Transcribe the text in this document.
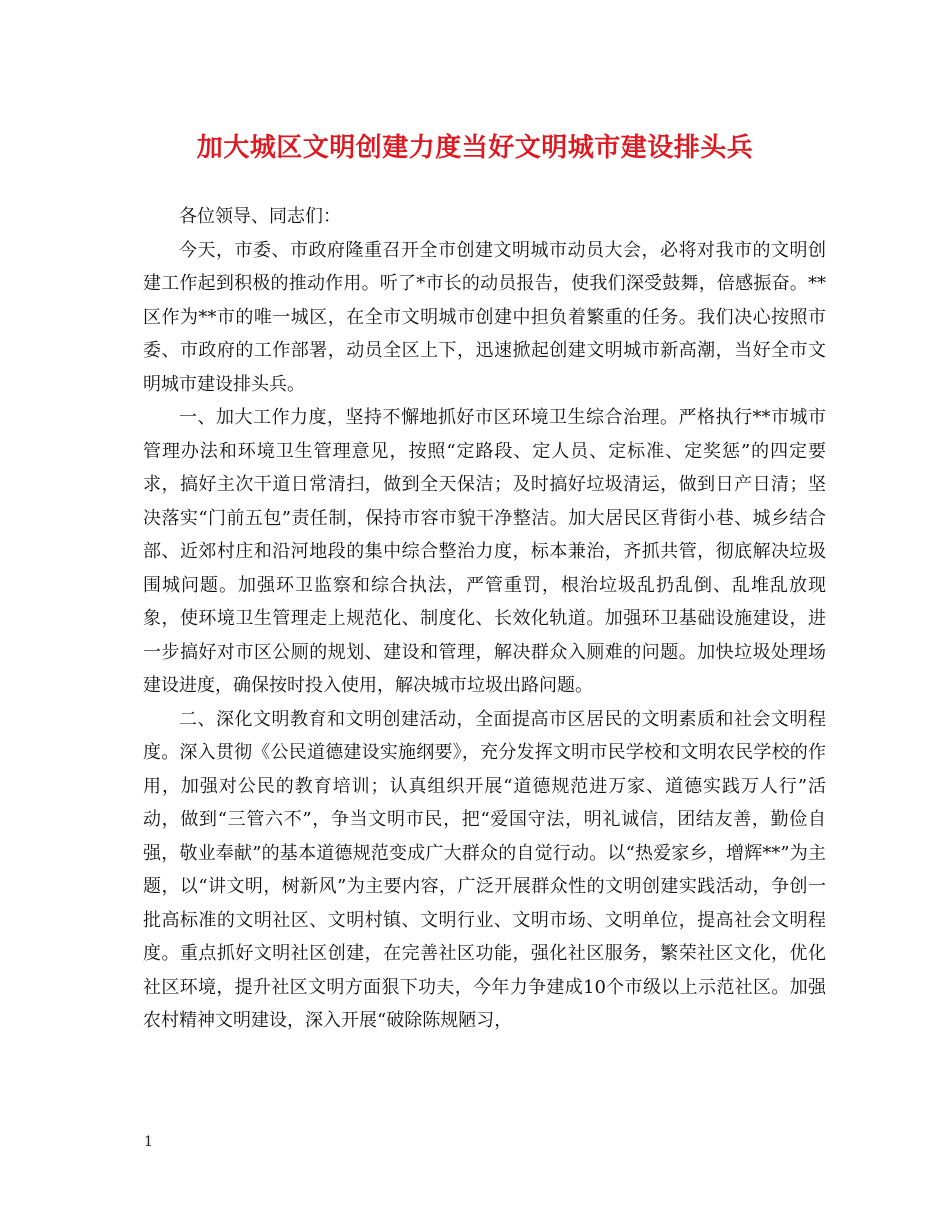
加大城区文明创建力度当好文明城市建设排头兵

各位领导、同志们：

今天，市委、市政府隆重召开全市创建文明城市动员大会，必将对我市的文明创建工作起到积极的推动作用。听了*市长的动员报告，使我们深受鼓舞，倍感振奋。**区作为**市的唯一城区，在全市文明城市创建中担负着繁重的任务。我们决心按照市委、市政府的工作部署，动员全区上下，迅速掀起创建文明城市新高潮，当好全市文明城市建设排头兵。

一、加大工作力度，坚持不懈地抓好市区环境卫生综合治理。严格执行**市城市管理办法和环境卫生管理意见，按照“定路段、定人员、定标准、定奖惩”的四定要求，搞好主次干道日常清扫，做到全天保洁；及时搞好垃圾清运，做到日产日清；坚决落实“门前五包”责任制，保持市容市貌干净整洁。加大居民区背街小巷、城乡结合部、近郊村庄和沿河地段的集中综合整治力度，标本兼治，齐抓共管，彻底解决垃圾围城问题。加强环卫监察和综合执法，严管重罚，根治垃圾乱扔乱倒、乱堆乱放现象，使环境卫生管理走上规范化、制度化、长效化轨道。加强环卫基础设施建设，进一步搞好对市区公厕的规划、建设和管理，解决群众入厕难的问题。加快垃圾处理场建设进度，确保按时投入使用，解决城市垃圾出路问题。

二、深化文明教育和文明创建活动，全面提高市区居民的文明素质和社会文明程度。深入贯彻《公民道德建设实施纲要》，充分发挥文明市民学校和文明农民学校的作用，加强对公民的教育培训；认真组织开展“道德规范进万家、道德实践万人行”活动，做到“三管六不”，争当文明市民，把“爱国守法，明礼诚信，团结友善，勤俭自强，敬业奉献”的基本道德规范变成广大群众的自觉行动。以“热爱家乡，增辉**”为主题，以“讲文明，树新风”为主要内容，广泛开展群众性的文明创建实践活动，争创一批高标准的文明社区、文明村镇、文明行业、文明市场、文明单位，提高社会文明程度。重点抓好文明社区创建，在完善社区功能，强化社区服务，繁荣社区文化，优化社区环境，提升社区文明方面狠下功夫，今年力争建成10个市级以上示范社区。加强农村精神文明建设，深入开展“破除陈规陋习，

1
